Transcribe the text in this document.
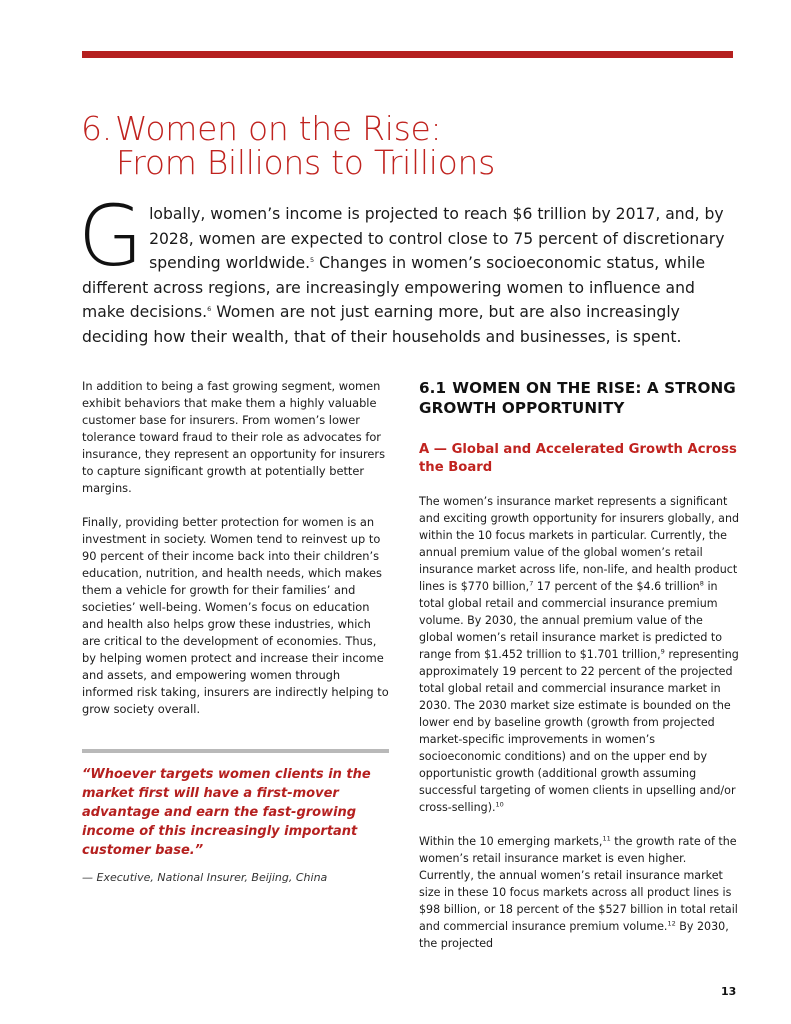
6.Women on the Rise:
From Billions to Trillions

Globally, women’s income is projected to reach $6 trillion by 2017, and, by 2028, women are expected to control close to 75 percent of discretionary spending worldwide.$^5$ Changes in women’s socioeconomic status, while different across regions, are increasingly empowering women to influence and make decisions.$^6$ Women are not just earning more, but are also increasingly deciding how their wealth, that of their households and businesses, is spent.

In addition to being a fast growing segment, women exhibit behaviors that make them a highly valuable customer base for insurers. From women’s lower tolerance toward fraud to their role as advocates for insurance, they represent an opportunity for insurers to capture significant growth at potentially better margins.

Finally, providing better protection for women is an investment in society. Women tend to reinvest up to 90 percent of their income back into their children’s education, nutrition, and health needs, which makes them a vehicle for growth for their families’ and societies’ well-being. Women’s focus on education and health also helps grow these industries, which are critical to the development of economies. Thus, by helping women protect and increase their income and assets, and empowering women through informed risk taking, insurers are indirectly helping to grow society overall.

“Whoever targets women clients in the market first will have a first-mover advantage and earn the fast-growing income of this increasingly important customer base.”

— Executive, National Insurer, Beijing, China

6.1 WOMEN ON THE RISE: A STRONG GROWTH OPPORTUNITY
A — Global and Accelerated Growth Across the Board

The women’s insurance market represents a significant and exciting growth opportunity for insurers globally, and within the 10 focus markets in particular. Currently, the annual premium value of the global women’s retail insurance market across life, non-life, and health product lines is $770 billion,$^7$ 17 percent of the $4.6 trillion$^8$ in total global retail and commercial insurance premium volume. By 2030, the annual premium value of the global women’s retail insurance market is predicted to range from $1.452 trillion to $1.701 trillion,$^9$ representing approximately 19 percent to 22 percent of the projected total global retail and commercial insurance market in 2030. The 2030 market size estimate is bounded on the lower end by baseline growth (growth from projected market-specific improvements in women’s socioeconomic conditions) and on the upper end by opportunistic growth (additional growth assuming successful targeting of women clients in upselling and/or cross-selling).$^{10}$

Within the 10 emerging markets,$^{11}$ the growth rate of the women’s retail insurance market is even higher. Currently, the annual women’s retail insurance market size in these 10 focus markets across all product lines is $98 billion, or 18 percent of the $527 billion in total retail and commercial insurance premium volume.$^{12}$ By 2030, the projected

13
